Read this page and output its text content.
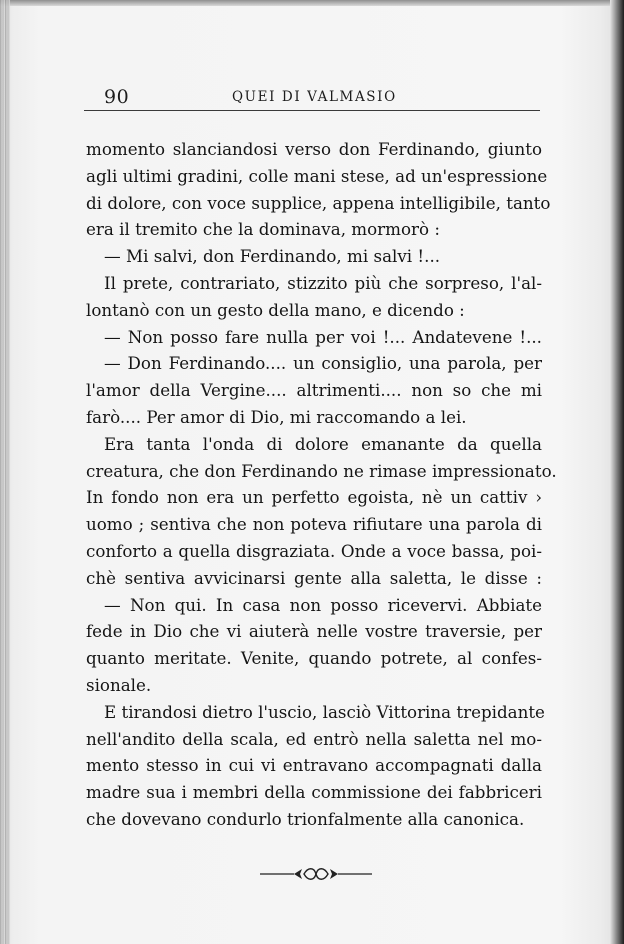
90	QUEI DI VALMASIO
momento slanciandosi verso don Ferdinando, giunto
agli ultimi gradini, colle mani stese, ad un'espressione
di dolore, con voce supplice, appena intelligibile, tanto
era il tremito che la dominava, mormorò :
— Mi salvi, don Ferdinando, mi salvi !...
Il prete, contrariato, stizzito più che sorpreso, l'al-
lontanò con un gesto della mano, e dicendo :
— Non posso fare nulla per voi !... Andatevene !...
— Don Ferdinando.... un consiglio, una parola, per
l'amor della Vergine.... altrimenti.... non so che mi
farò.... Per amor di Dio, mi raccomando a lei.
Era tanta l'onda di dolore emanante da quella
creatura, che don Ferdinando ne rimase impressionato.
In fondo non era un perfetto egoista, nè un cattiv ›
uomo ; sentiva che non poteva rifiutare una parola di
conforto a quella disgraziata. Onde a voce bassa, poi-
chè sentiva avvicinarsi gente alla saletta, le disse :
— Non qui. In casa non posso ricevervi. Abbiate
fede in Dio che vi aiuterà nelle vostre traversie, per
quanto meritate. Venite, quando potrete, al confes-
sionale.
E tirandosi dietro l'uscio, lasciò Vittorina trepidante
nell'andito della scala, ed entrò nella saletta nel mo-
mento stesso in cui vi entravano accompagnati dalla
madre sua i membri della commissione dei fabbriceri
che dovevano condurlo trionfalmente alla canonica.
